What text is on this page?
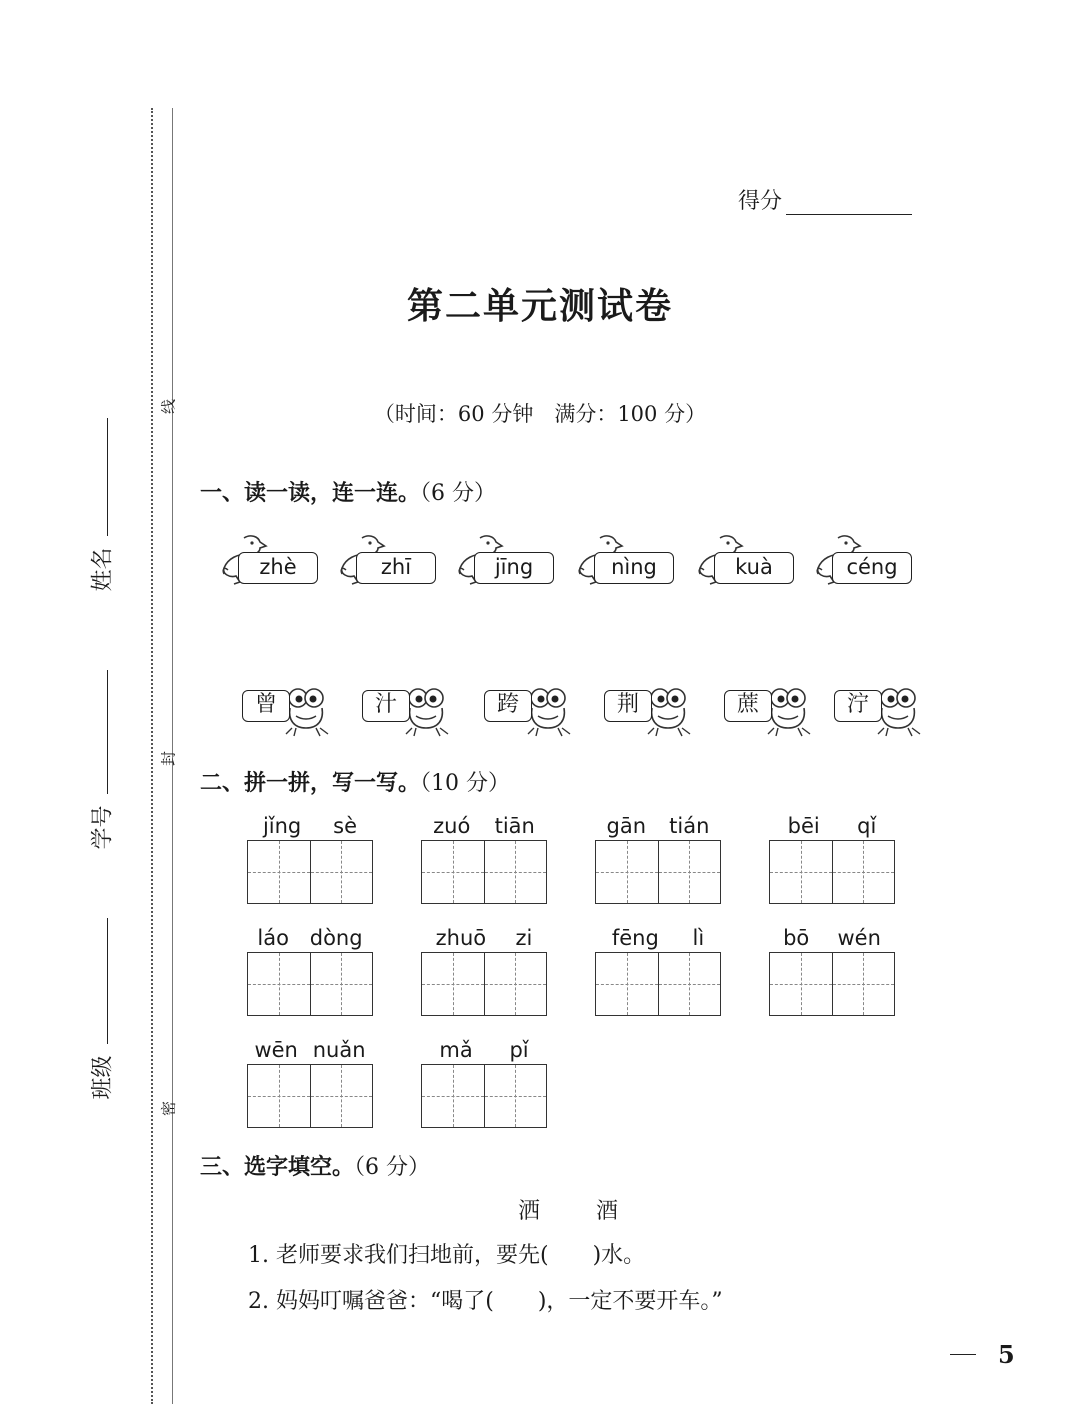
线
封
密
姓名
学号
班级
得分
第二单元测试卷
（时间：60 分钟　满分：100 分）
一、读一读，连一连。（6 分）
zhè	zhī	jīng	nìng	kuà	céng
曾	汁	跨	荆	蔗	泞
二、拼一拼，写一写。（10 分）
jǐng sè	zuó tiān	gān tián	bēi qǐ
láo dòng	zhuō zi	fēng lì	bō wén
wēn nuǎn	mǎ pǐ
三、选字填空。（6 分）
洒	酒
1. 老师要求我们扫地前，要先(　　)水。
2. 妈妈叮嘱爸爸：“喝了(　　)，一定不要开车。”
5
